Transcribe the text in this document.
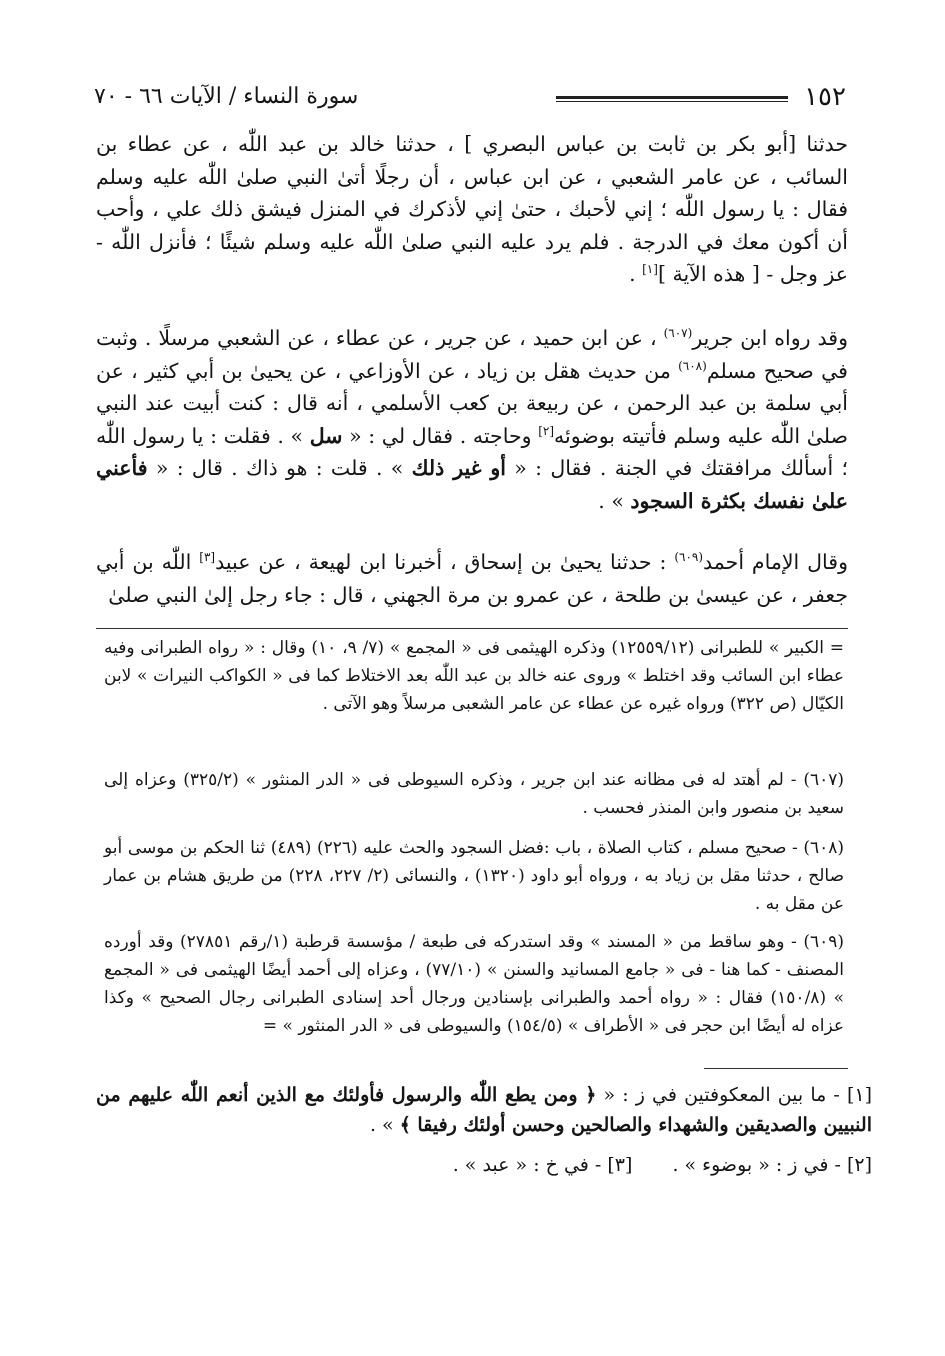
١٥٢
سورة النساء / الآيات ٦٦ - ٧٠

حدثنا [أبو بكر بن ثابت بن عباس البصري ] ، حدثنا خالد بن عبد اللّٰه ، عن عطاء بن السائب ، عن عامر الشعبي ، عن ابن عباس ، أن رجلًا أتىٰ النبي صلىٰ اللّٰه عليه وسلم فقال : يا رسول اللّٰه ؛ إني لأحبك ، حتىٰ إني لأذكرك في المنزل فيشق ذلك علي ، وأحب أن أكون معك في الدرجة . فلم يرد عليه النبي صلىٰ اللّٰه عليه وسلم شيئًا ؛ فأنزل اللّٰه - عز وجل - [ هذه الآية ][١] .

وقد رواه ابن جرير$^{(٦٠٧)}$ ، عن ابن حميد ، عن جرير ، عن عطاء ، عن الشعبي مرسلًا . وثبت في صحيح مسلم$^{(٦٠٨)}$ من حديث هقل بن زياد ، عن الأوزاعي ، عن يحيىٰ بن أبي كثير ، عن أبي سلمة بن عبد الرحمن ، عن ربيعة بن كعب الأسلمي ، أنه قال : كنت أبيت عند النبي صلىٰ اللّٰه عليه وسلم فأتيته بوضوئه[٢] وحاجته . فقال لي : « سل » . فقلت : يا رسول اللّٰه ؛ أسألك مرافقتك في الجنة . فقال : « أو غير ذلك » . قلت : هو ذاك . قال : « فأعني علىٰ نفسك بكثرة السجود » .

وقال الإمام أحمد$^{(٦٠٩)}$ : حدثنا يحيىٰ بن إسحاق ، أخبرنا ابن لهيعة ، عن عبيد[٣] اللّٰه بن أبي جعفر ، عن عيسىٰ بن طلحة ، عن عمرو بن مرة الجهني ، قال : جاء رجل إلىٰ النبي صلىٰ

= الكبير » للطبرانى (١٢٥٥٩/١٢) وذكره الهيثمى فى « المجمع » (٧/ ٩، ١٠) وقال : « رواه الطبرانى وفيه عطاء ابن السائب وقد اختلط » وروى عنه خالد بن عبد اللّٰه بعد الاختلاط كما فى « الكواكب النيرات » لابن الكيّال (ص ٣٢٢) ورواه غيره عن عطاء عن عامر الشعبى مرسلاً وهو الآتى .

(٦٠٧) - لم أهتد له فى مظانه عند ابن جرير ، وذكره السيوطى فى « الدر المنثور » (٣٢٥/٢) وعزاه إلى سعيد بن منصور وابن المنذر فحسب .

(٦٠٨) - صحيح مسلم ، كتاب الصلاة ، باب :فضل السجود والحث عليه (٢٢٦) (٤٨٩) ثنا الحكم بن موسى أبو صالح ، حدثنا مقل بن زياد به ، ورواه أبو داود (١٣٢٠) ، والنسائى (٢/ ٢٢٧، ٢٢٨) من طريق هشام بن عمار عن مقل به .

(٦٠٩) - وهو ساقط من « المسند » وقد استدركه فى طبعة / مؤسسة قرطبة (١/رقم ٢٧٨٥١) وقد أورده المصنف - كما هنا - فى « جامع المسانيد والسنن » (٧٧/١٠) ، وعزاه إلى أحمد أيضًا الهيثمى فى « المجمع » (١٥٠/٨) فقال : « رواه أحمد والطبرانى بإسنادين ورجال أحد إسنادى الطبرانى رجال الصحيح » وكذا عزاه له أيضًا ابن حجر فى « الأطراف » (١٥٤/٥) والسيوطى فى « الدر المنثور » =

[١] - ما بين المعكوفتين في ز : « ﴿ ومن يطع اللّٰه والرسول فأولئك مع الذين أنعم اللّٰه عليهم من النبيين والصديقين والشهداء والصالحين وحسن أولئك رفيقا ﴾ » .

[٢] - في ز : « بوضوء » .[٣] - في خ : « عبد » .
